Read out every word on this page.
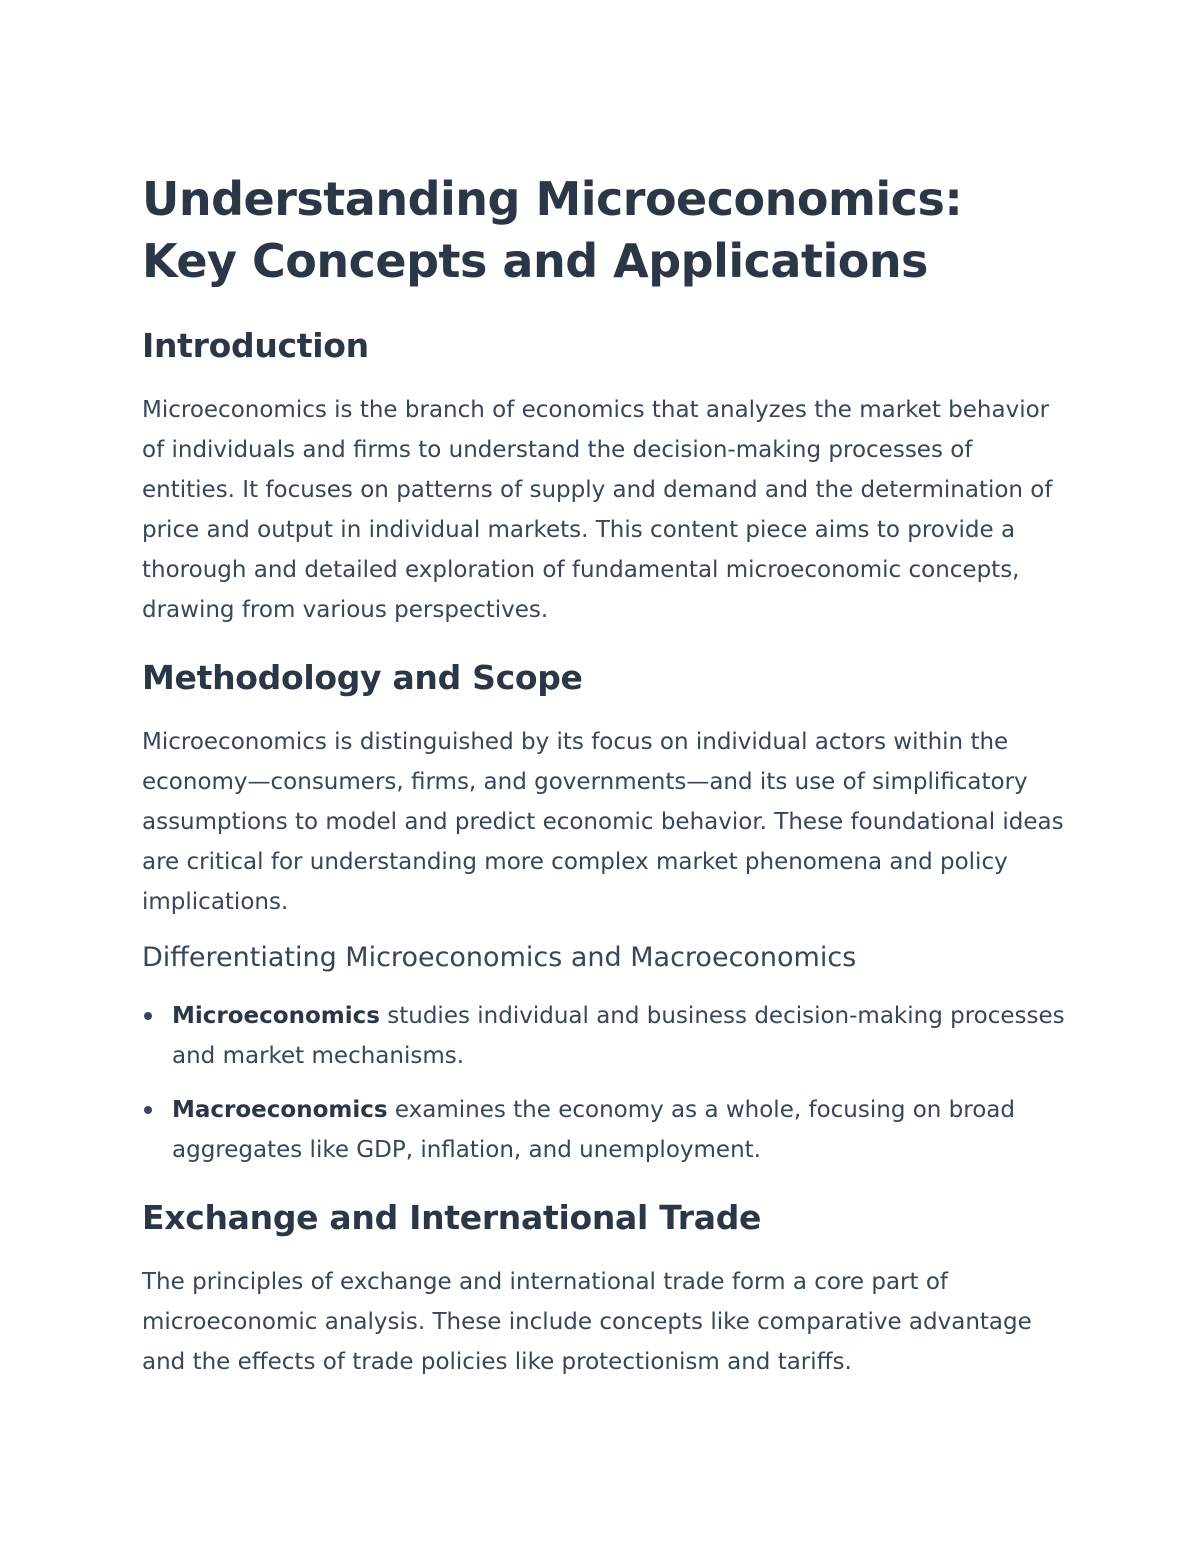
Understanding Microeconomics: Key Concepts and Applications
Introduction

Microeconomics is the branch of economics that analyzes the market behavior of individuals and firms to understand the decision-making processes of entities. It focuses on patterns of supply and demand and the determination of price and output in individual markets. This content piece aims to provide a thorough and detailed exploration of fundamental microeconomic concepts, drawing from various perspectives.

Methodology and Scope

Microeconomics is distinguished by its focus on individual actors within the economy—consumers, firms, and governments—and its use of simplificatory assumptions to model and predict economic behavior. These foundational ideas are critical for understanding more complex market phenomena and policy implications.

Differentiating Microeconomics and Macroeconomics
Microeconomics studies individual and business decision-making processes and market mechanisms.
Macroeconomics examines the economy as a whole, focusing on broad aggregates like GDP, inflation, and unemployment.
Exchange and International Trade

The principles of exchange and international trade form a core part of microeconomic analysis. These include concepts like comparative advantage and the effects of trade policies like protectionism and tariffs.
